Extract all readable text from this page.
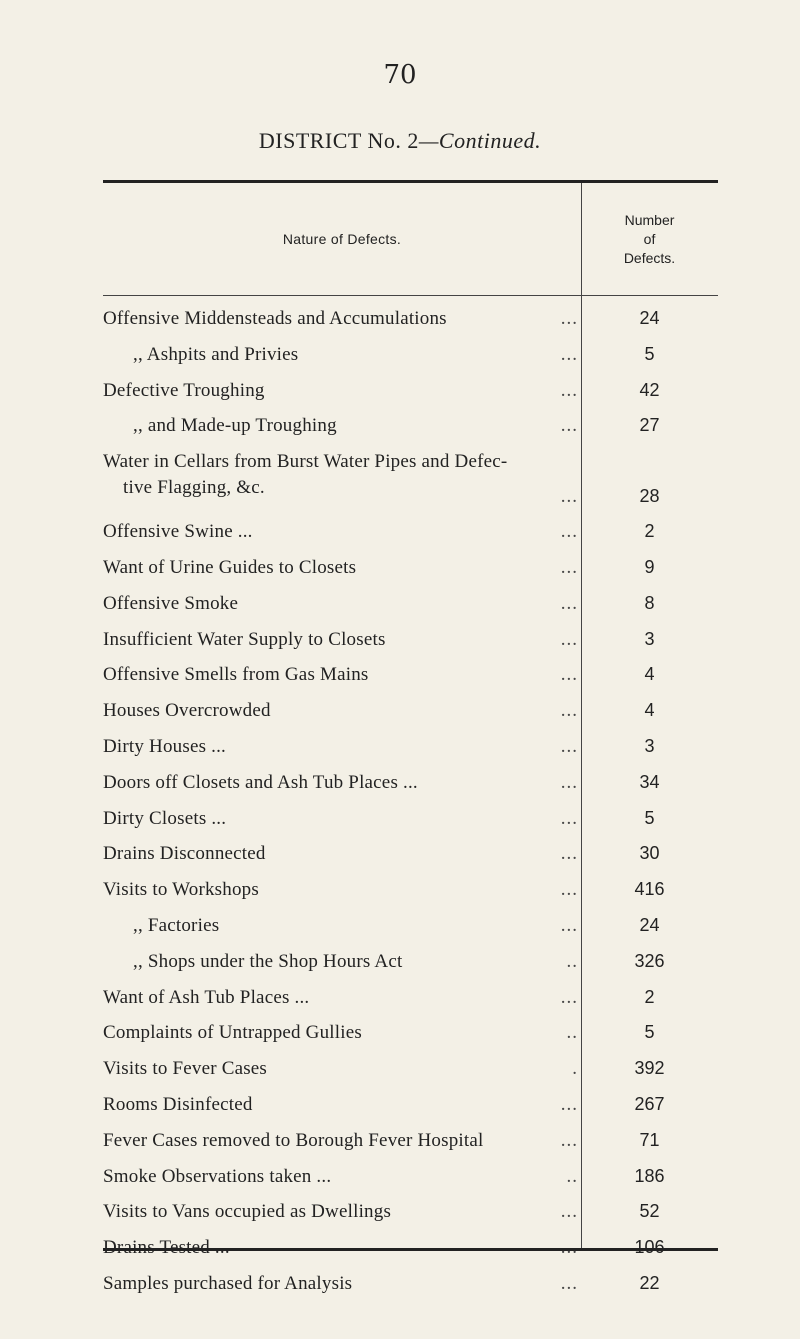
70
DISTRICT No. 2—Continued.
Nature of Defects.
Number
of
Defects.
Offensive Middensteads and Accumulations	...	24
,, Ashpits and Privies	...	5
Defective Troughing	...	42
,, and Made-up Troughing	...	27
Water in Cellars from Burst Water Pipes and Defec-
tive Flagging, &c.	...	28
Offensive Swine ...	...	2
Want of Urine Guides to Closets	...	9
Offensive Smoke	...	8
Insufficient Water Supply to Closets	...	3
Offensive Smells from Gas Mains	...	4
Houses Overcrowded	...	4
Dirty Houses ...	...	3
Doors off Closets and Ash Tub Places ...	...	34
Dirty Closets ...	...	5
Drains Disconnected	...	30
Visits to Workshops	...	416
,, Factories	...	24
,, Shops under the Shop Hours Act	..	326
Want of Ash Tub Places ...	...	2
Complaints of Untrapped Gullies	..	5
Visits to Fever Cases	.	392
Rooms Disinfected	...	267
Fever Cases removed to Borough Fever Hospital	...	71
Smoke Observations taken ...	..	186
Visits to Vans occupied as Dwellings	...	52
Drains Tested ...	...	106
Samples purchased for Analysis	...	22
